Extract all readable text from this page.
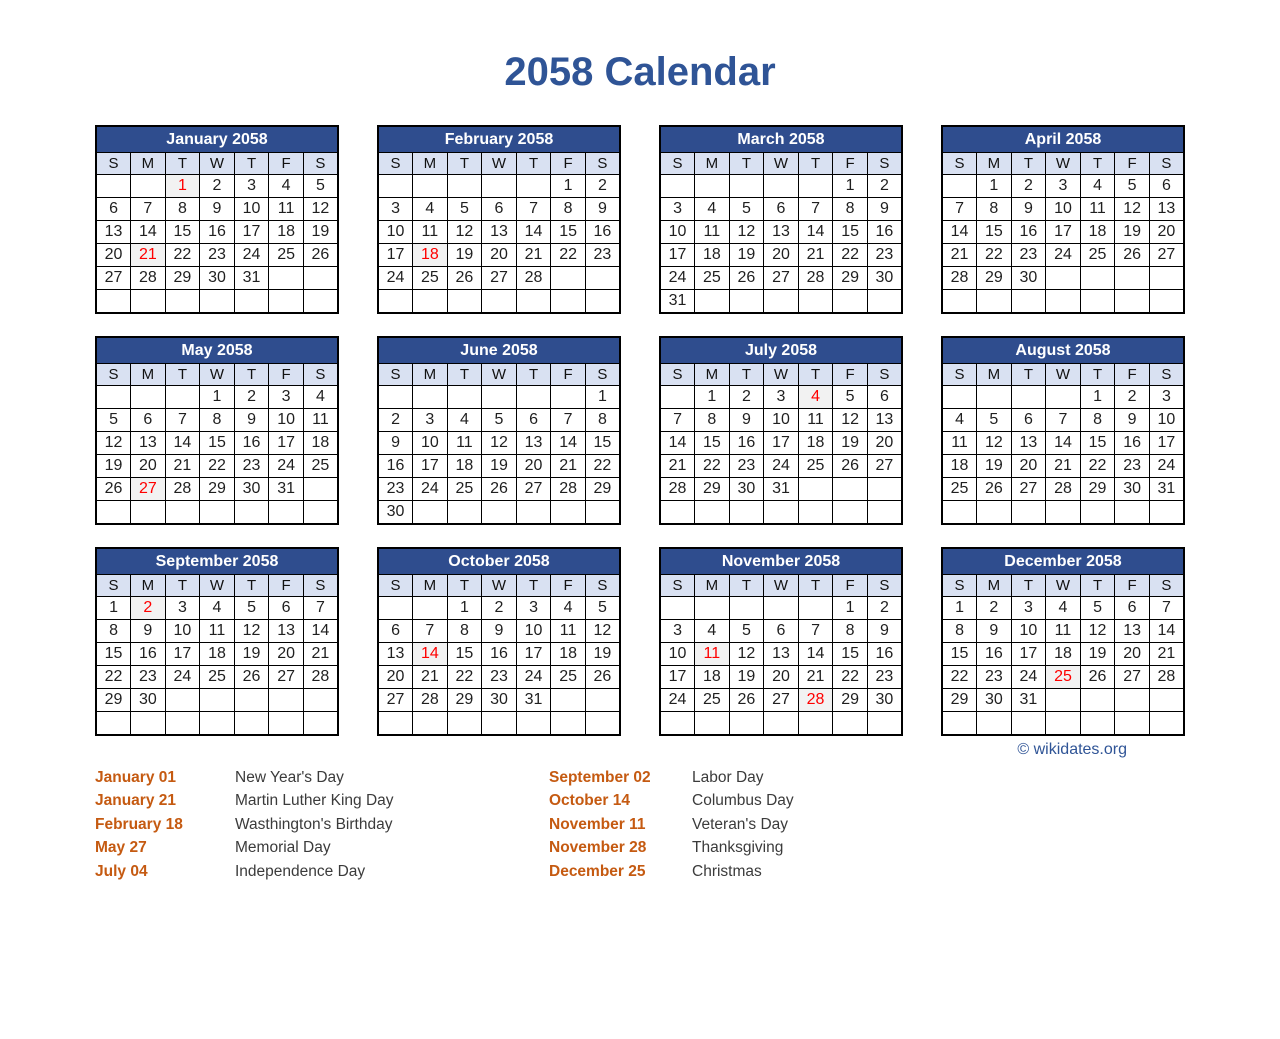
2058 Calendar
January 2058						
S	M	T	W	T	F	S
		1	2	3	4	5
6	7	8	9	10	11	12
13	14	15	16	17	18	19
20	21	22	23	24	25	26
27	28	29	30	31		

February 2058						
S	M	T	W	T	F	S
					1	2
3	4	5	6	7	8	9
10	11	12	13	14	15	16
17	18	19	20	21	22	23
24	25	26	27	28		

March 2058						
S	M	T	W	T	F	S
					1	2
3	4	5	6	7	8	9
10	11	12	13	14	15	16
17	18	19	20	21	22	23
24	25	26	27	28	29	30
31						
April 2058						
S	M	T	W	T	F	S
	1	2	3	4	5	6
7	8	9	10	11	12	13
14	15	16	17	18	19	20
21	22	23	24	25	26	27
28	29	30				

May 2058						
S	M	T	W	T	F	S
			1	2	3	4
5	6	7	8	9	10	11
12	13	14	15	16	17	18
19	20	21	22	23	24	25
26	27	28	29	30	31	

June 2058						
S	M	T	W	T	F	S
						1
2	3	4	5	6	7	8
9	10	11	12	13	14	15
16	17	18	19	20	21	22
23	24	25	26	27	28	29
30						
July 2058						
S	M	T	W	T	F	S
	1	2	3	4	5	6
7	8	9	10	11	12	13
14	15	16	17	18	19	20
21	22	23	24	25	26	27
28	29	30	31			

August 2058						
S	M	T	W	T	F	S
				1	2	3
4	5	6	7	8	9	10
11	12	13	14	15	16	17
18	19	20	21	22	23	24
25	26	27	28	29	30	31

September 2058						
S	M	T	W	T	F	S
1	2	3	4	5	6	7
8	9	10	11	12	13	14
15	16	17	18	19	20	21
22	23	24	25	26	27	28
29	30					

October 2058						
S	M	T	W	T	F	S
		1	2	3	4	5
6	7	8	9	10	11	12
13	14	15	16	17	18	19
20	21	22	23	24	25	26
27	28	29	30	31		

November 2058						
S	M	T	W	T	F	S
					1	2
3	4	5	6	7	8	9
10	11	12	13	14	15	16
17	18	19	20	21	22	23
24	25	26	27	28	29	30

December 2058						
S	M	T	W	T	F	S
1	2	3	4	5	6	7
8	9	10	11	12	13	14
15	16	17	18	19	20	21
22	23	24	25	26	27	28
29	30	31				

© wikidates.org
January 01	New Year's Day
January 21	Martin Luther King Day
February 18	Wasthington's Birthday
May 27	Memorial Day
July 04	Independence Day
September 02	Labor Day
October 14	Columbus Day
November 11	Veteran's Day
November 28	Thanksgiving
December 25	Christmas
